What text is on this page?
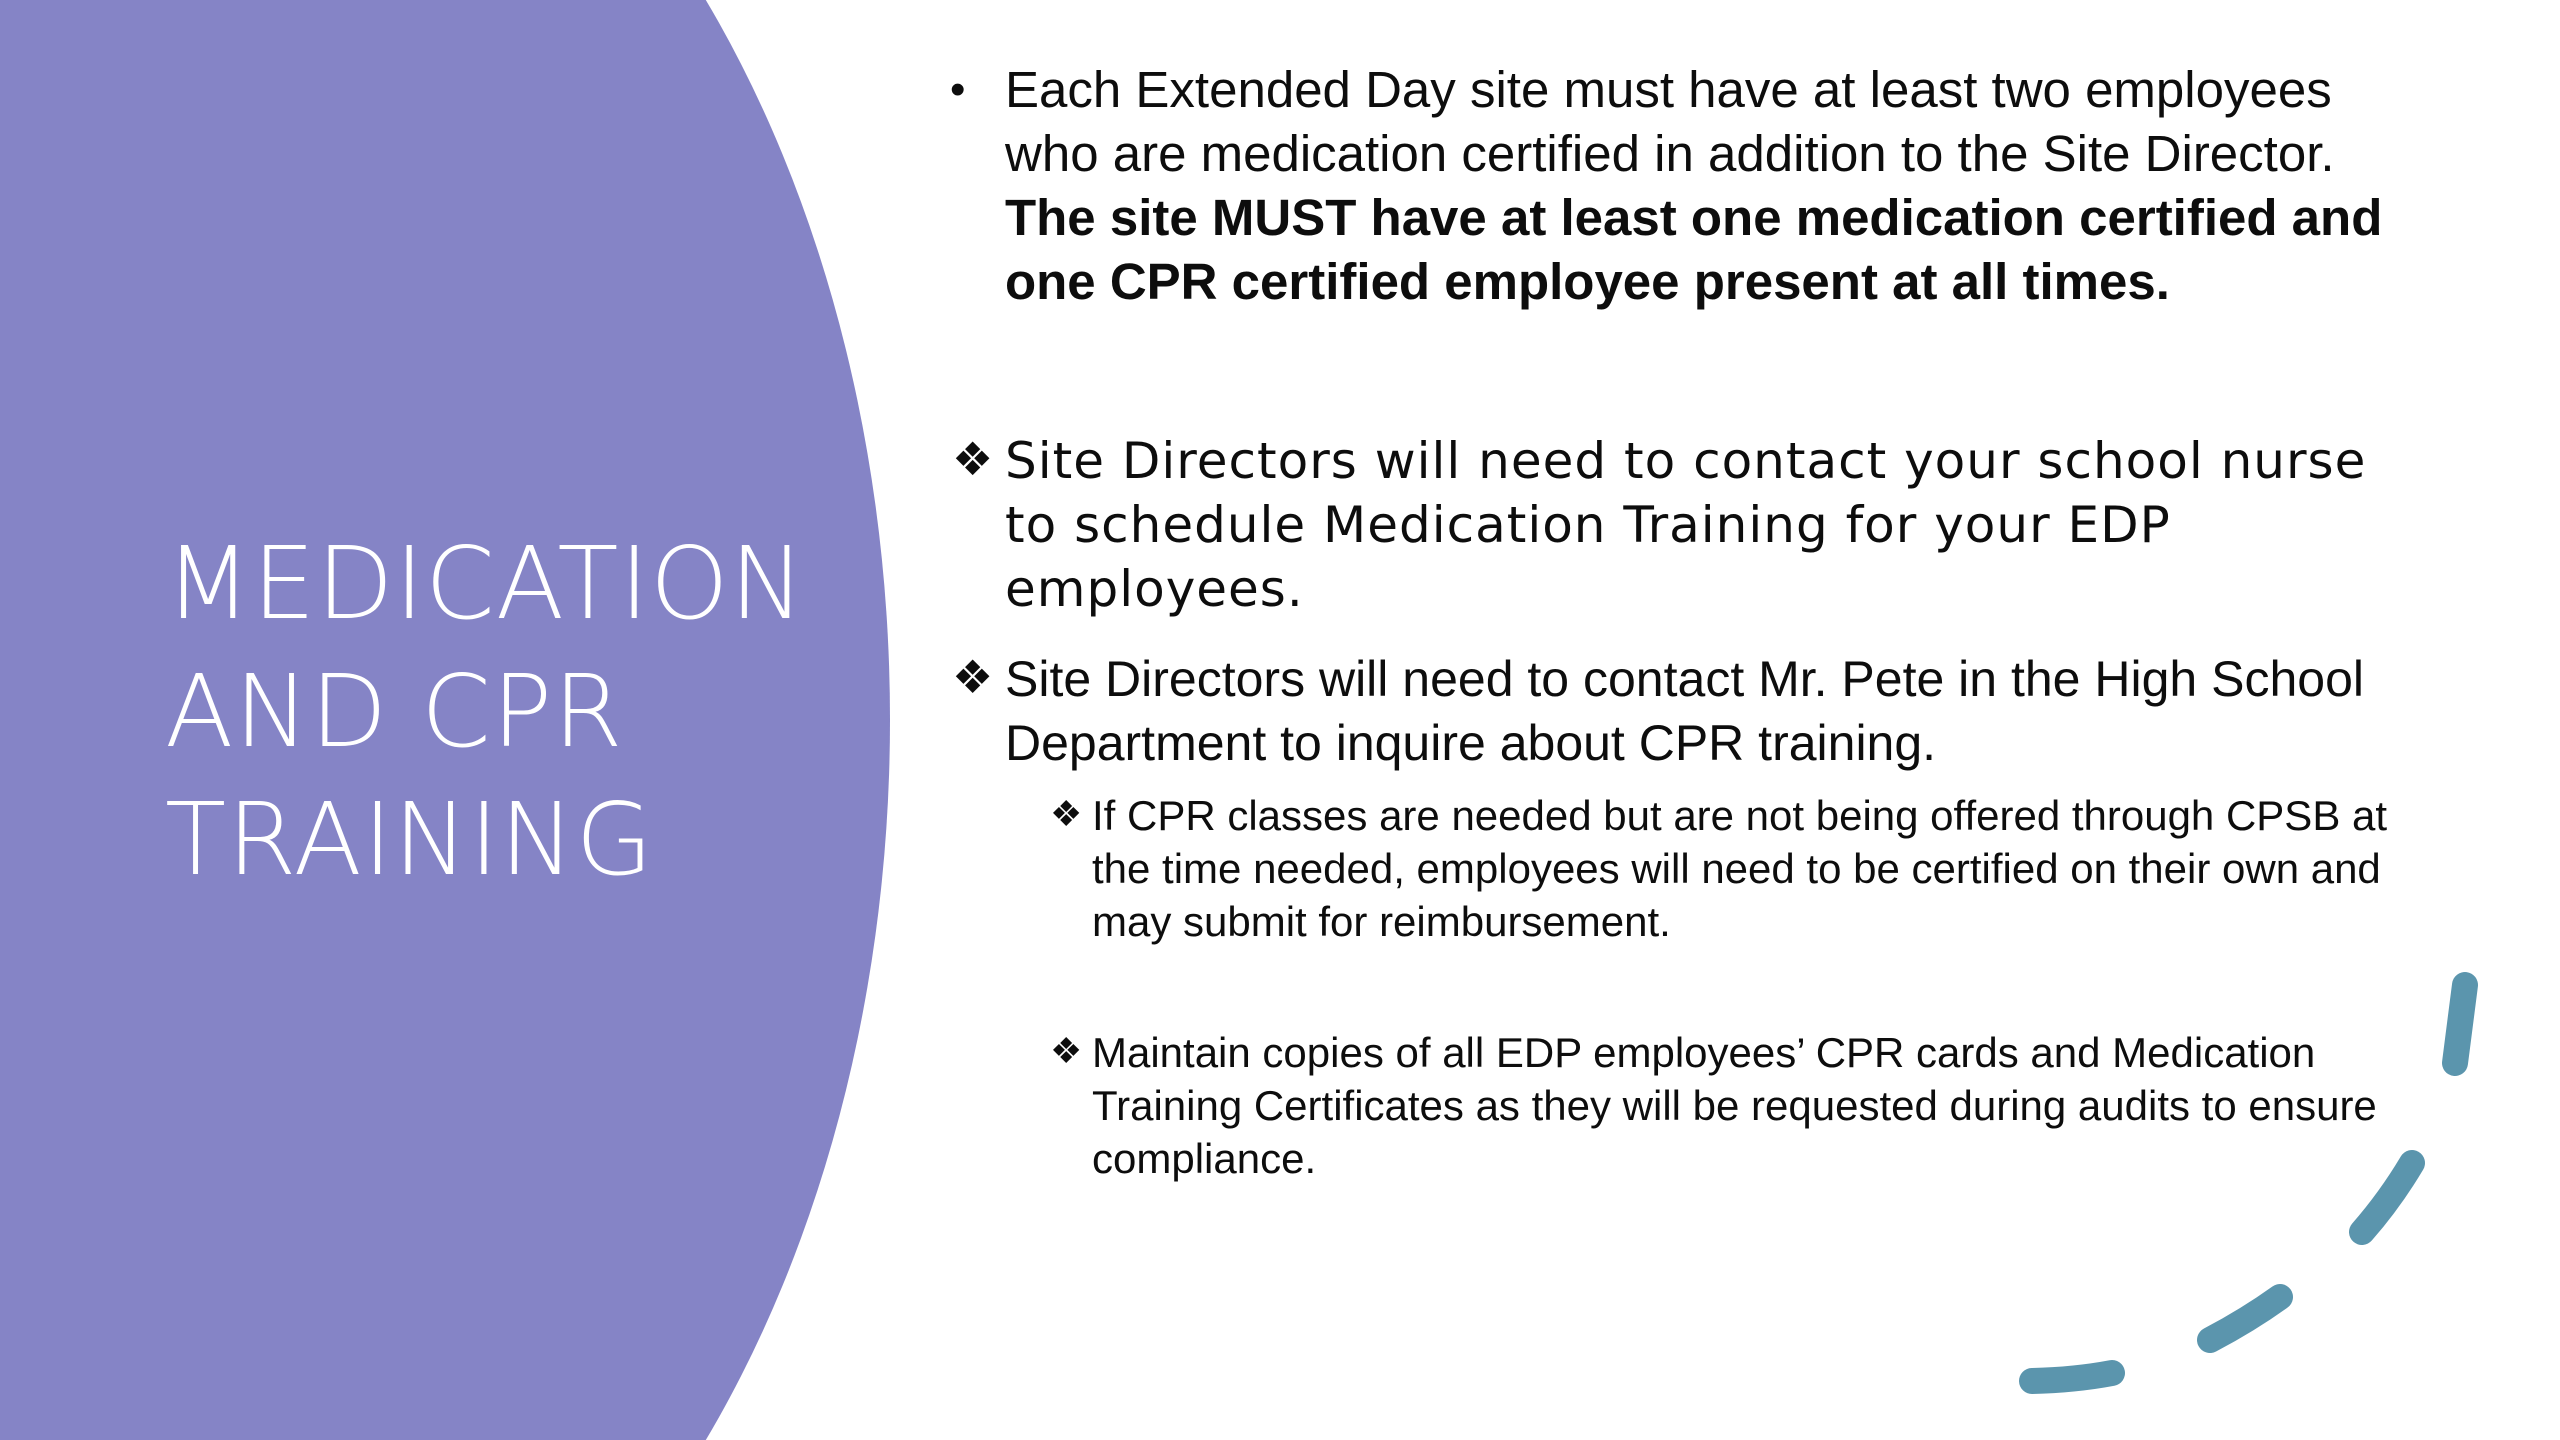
MEDICATION
AND CPR
TRAINING

• Each Extended Day site must have at least two employees who are medication certified in addition to the Site Director. The site MUST have at least one medication certified and one CPR certified employee present at all times.

❖ Site Directors will need to contact your school nurse to schedule Medication Training for your EDP employees.

❖ Site Directors will need to contact Mr. Pete in the High School Department to inquire about CPR training.

❖ If CPR classes are needed but are not being offered through CPSB at the time needed, employees will need to be certified on their own and may submit for reimbursement.

❖ Maintain copies of all EDP employees’ CPR cards and Medication Training Certificates as they will be requested during audits to ensure compliance.
